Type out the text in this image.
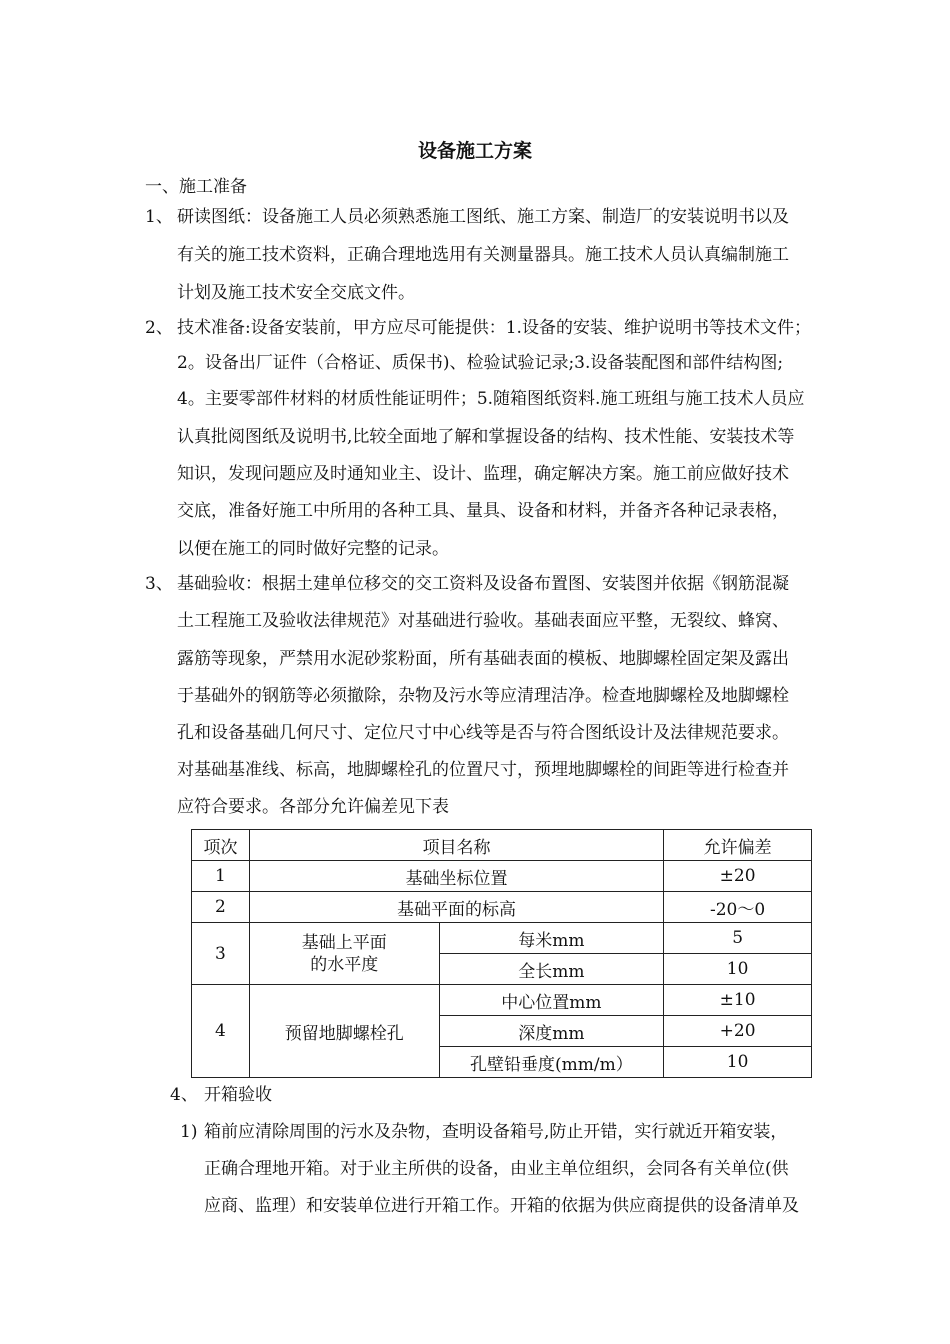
设备施工方案
一、施工准备
1、 研读图纸：设备施工人员必须熟悉施工图纸、施工方案、制造厂的安装说明书以及
有关的施工技术资料，正确合理地选用有关测量器具。施工技术人员认真编制施工
计划及施工技术安全交底文件。
2、 技术准备:设备安装前，甲方应尽可能提供：1.设备的安装、维护说明书等技术文件；
2。设备出厂证件（合格证、质保书)、检验试验记录;3.设备装配图和部件结构图;
4。主要零部件材料的材质性能证明件；5.随箱图纸资料.施工班组与施工技术人员应
认真批阅图纸及说明书,比较全面地了解和掌握设备的结构、技术性能、安装技术等
知识，发现问题应及时通知业主、设计、监理，确定解决方案。施工前应做好技术
交底，准备好施工中所用的各种工具、量具、设备和材料，并备齐各种记录表格，
以便在施工的同时做好完整的记录。
3、 基础验收：根据土建单位移交的交工资料及设备布置图、安装图并依据《钢筋混凝
土工程施工及验收法律规范》对基础进行验收。基础表面应平整，无裂纹、蜂窝、
露筋等现象，严禁用水泥砂浆粉面，所有基础表面的模板、地脚螺栓固定架及露出
于基础外的钢筋等必须撤除，杂物及污水等应清理洁净。检查地脚螺栓及地脚螺栓
孔和设备基础几何尺寸、定位尺寸中心线等是否与符合图纸设计及法律规范要求。
对基础基准线、标高，地脚螺栓孔的位置尺寸，预埋地脚螺栓的间距等进行检查并
应符合要求。各部分允许偏差见下表
项次	项目名称		允许偏差
1	基础坐标位置		±20
2	基础平面的标高		-20～0
3	基础上平面
的水平度	每米mm	5
		全长mm	10
4	预留地脚螺栓孔	中心位置mm	±10
		深度mm	+20
		孔壁铅垂度(mm/m）	10
4、 开箱验收
1) 箱前应清除周围的污水及杂物，查明设备箱号,防止开错，实行就近开箱安装，
正确合理地开箱。对于业主所供的设备，由业主单位组织，会同各有关单位(供
应商、监理）和安装单位进行开箱工作。开箱的依据为供应商提供的设备清单及
